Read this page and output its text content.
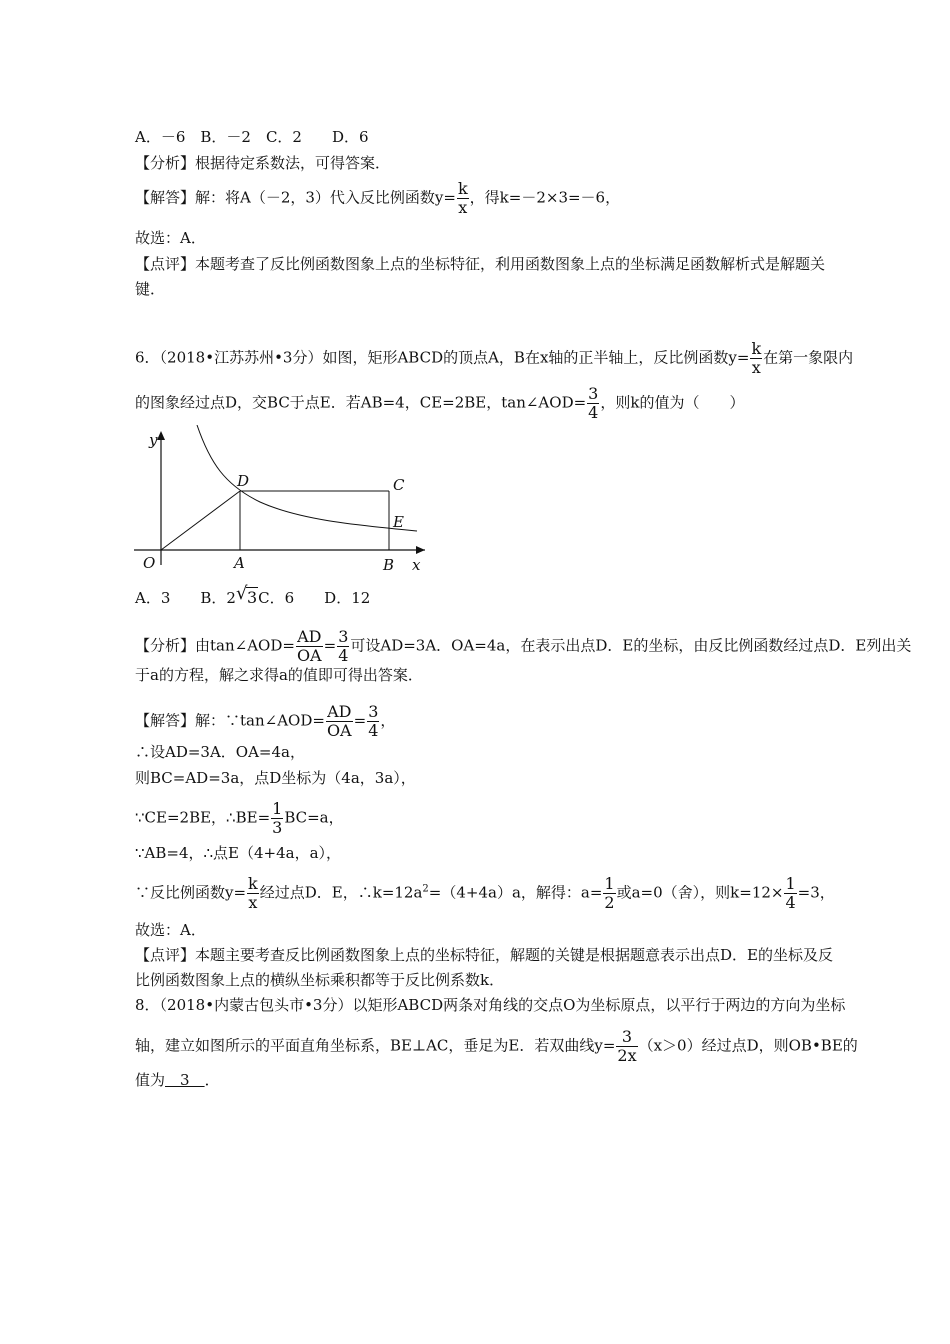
A．－6　B．－2　C．2　　D．6
【分析】根据待定系数法，可得答案．
【解答】解：将A（－2，3）代入反比例函数$y= \frac{k}{x}$ ，得k=－2×3=－6，
故选：A．
【点评】本题考查了反比例函数图象上点的坐标特征，利用函数图象上点的坐标满足函数解析式是解题关
键．
6．（2018•江苏苏州•3分）如图，矩形ABCD的顶点A，B在x轴的正半轴上，反比例函数$y= \frac{k}{x}$ 在第一象限内
的图象经过点D，交BC于点E．若AB=4，CE=2BE，tan∠AOD= $\frac{3}{4}$ ，则k的值为（　　）
y
x
O	A	B
C
D
E
A．3　　B．2 √ 3C．6　　D．12
【分析】由tan∠AOD= $\frac{AD}{OA} = \frac{3}{4}$ 可设AD=3A．OA=4a，在表示出点D．E的坐标，由反比例函数经过点D．E列出关
于a的方程，解之求得a的值即可得出答案．
【解答】解：∵tan∠AOD= $\frac{AD}{OA} = \frac{3}{4}$ ，
∴设AD=3A．OA=4a，
则BC=AD=3a，点D坐标为（4a，3a），
∵CE=2BE，∴BE= $\frac{1}{3} BC=a$，
∵AB=4，∴点E（4+4a，a），
∵反比例函数$y= \frac{k}{x}$ 经过点D．E，$\therefore k=12a^2=(4+4a)a$，解得：$a= \frac{1}{2}$ 或a=0（舍），则$k=12\times \frac{1}{4} =3$，
故选：A．
【点评】本题主要考查反比例函数图象上点的坐标特征，解题的关键是根据题意表示出点D．E的坐标及反
比例函数图象上点的横纵坐标乘积都等于反比例系数k．
8．（2018•内蒙古包头市•3分）以矩形ABCD两条对角线的交点O为坐标原点，以平行于两边的方向为坐标
轴，建立如图所示的平面直角坐标系，BE⊥AC，垂足为E．若双曲线$y= \frac{3}{2x} (x>0)$经过点D，则OB•BE的
值为　3　．
